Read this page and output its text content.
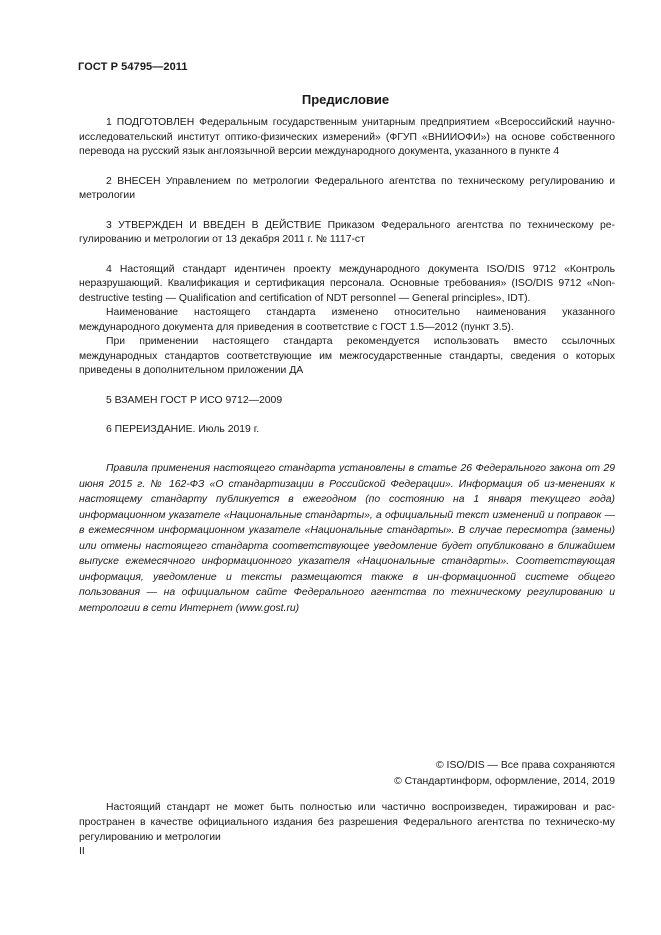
ГОСТ Р 54795—2011
Предисловие

1 ПОДГОТОВЛЕН Федеральным государственным унитарным предприятием «Всероссийский научно-исследовательский институт оптико-физических измерений» (ФГУП «ВНИИОФИ») на основе собственного перевода на русский язык англоязычной версии международного документа, указанного в пункте 4

2 ВНЕСЕН Управлением по метрологии Федерального агентства по техническому регулированию и метрологии

3 УТВЕРЖДЕН И ВВЕДЕН В ДЕЙСТВИЕ Приказом Федерального агентства по техническому ре-гулированию и метрологии от 13 декабря 2011 г. № 1117-ст

4 Настоящий стандарт идентичен проекту международного документа ISO/DIS 9712 «Контроль неразрушающий. Квалификация и сертификация персонала. Основные требования» (ISO/DIS 9712 «Non-destructive testing — Qualification and certification of NDT personnel — General principles», IDT).

Наименование настоящего стандарта изменено относительно наименования указанного международного документа для приведения в соответствие с ГОСТ 1.5—2012 (пункт 3.5).

При применении настоящего стандарта рекомендуется использовать вместо ссылочных международных стандартов соответствующие им межгосударственные стандарты, сведения о которых приведены в дополнительном приложении ДА

5 ВЗАМЕН ГОСТ Р ИСО 9712—2009

6 ПЕРЕИЗДАНИЕ. Июль 2019 г.

Правила применения настоящего стандарта установлены в статье 26 Федерального закона от 29 июня 2015 г. № 162-ФЗ «О стандартизации в Российской Федерации». Информация об из-менениях к настоящему стандарту публикуется в ежегодном (по состоянию на 1 января текущего года) информационном указателе «Национальные стандарты», а официальный текст изменений и поправок — в ежемесячном информационном указателе «Национальные стандарты». В случае пересмотра (замены) или отмены настоящего стандарта соответствующее уведомление будет опубликовано в ближайшем выпуске ежемесячного информационного указателя «Национальные стандарты». Соответствующая информация, уведомление и тексты размещаются также в ин-формационной системе общего пользования — на официальном сайте Федерального агентства по техническому регулированию и метрологии в сети Интернет (www.gost.ru)

© ISO/DIS — Все права сохраняются
© Стандартинформ, оформление, 2014, 2019

Настоящий стандарт не может быть полностью или частично воспроизведен, тиражирован и рас-пространен в качестве официального издания без разрешения Федерального агентства по техническо-му регулированию и метрологии

II
